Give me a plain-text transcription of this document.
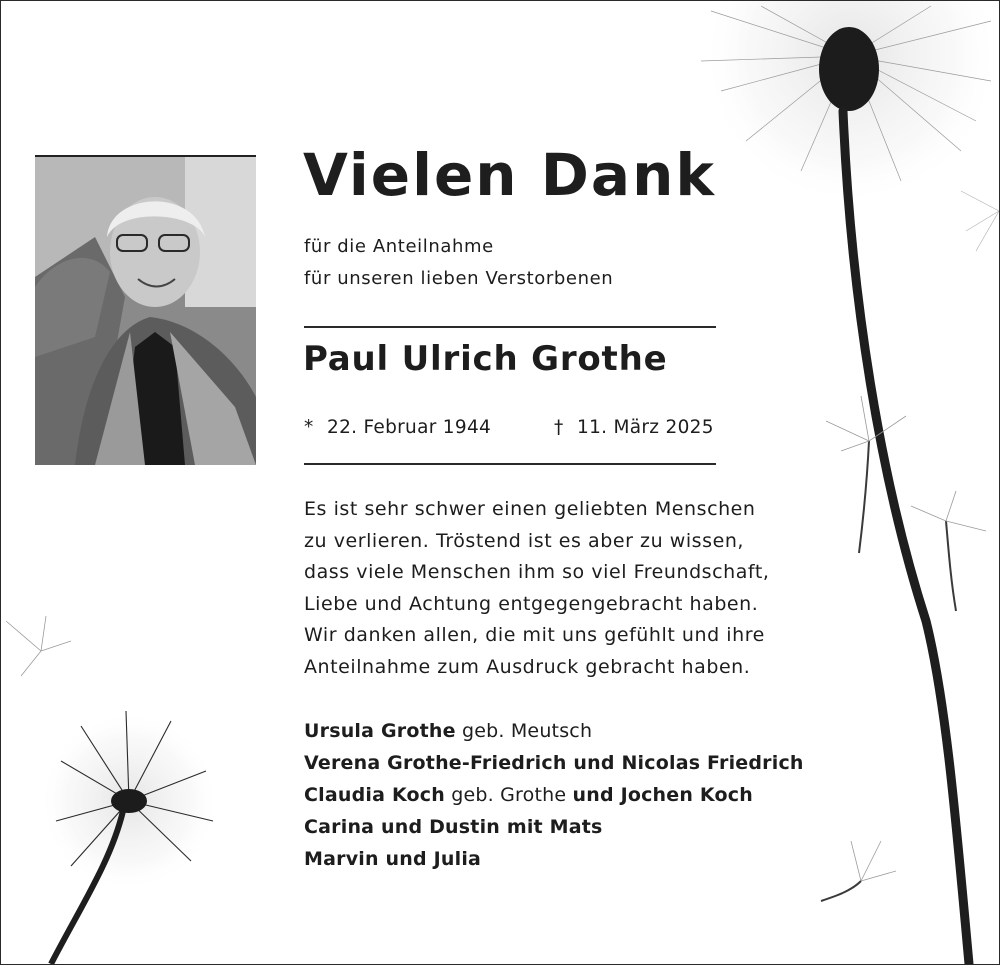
Vielen Dank
für die Anteilnahme
für unseren lieben Verstorbenen
Paul Ulrich Grothe
* 22. Februar 1944	† 11. März 2025
Es ist sehr schwer einen geliebten Menschen
zu verlieren. Tröstend ist es aber zu wissen,
dass viele Menschen ihm so viel Freundschaft,
Liebe und Achtung entgegengebracht haben.
Wir danken allen, die mit uns gefühlt und ihre
Anteilnahme zum Ausdruck gebracht haben.
Ursula Grothe geb. Meutsch
Verena Grothe-Friedrich und Nicolas Friedrich
Claudia Koch geb. Grothe und Jochen Koch
Carina und Dustin mit Mats
Marvin und Julia
